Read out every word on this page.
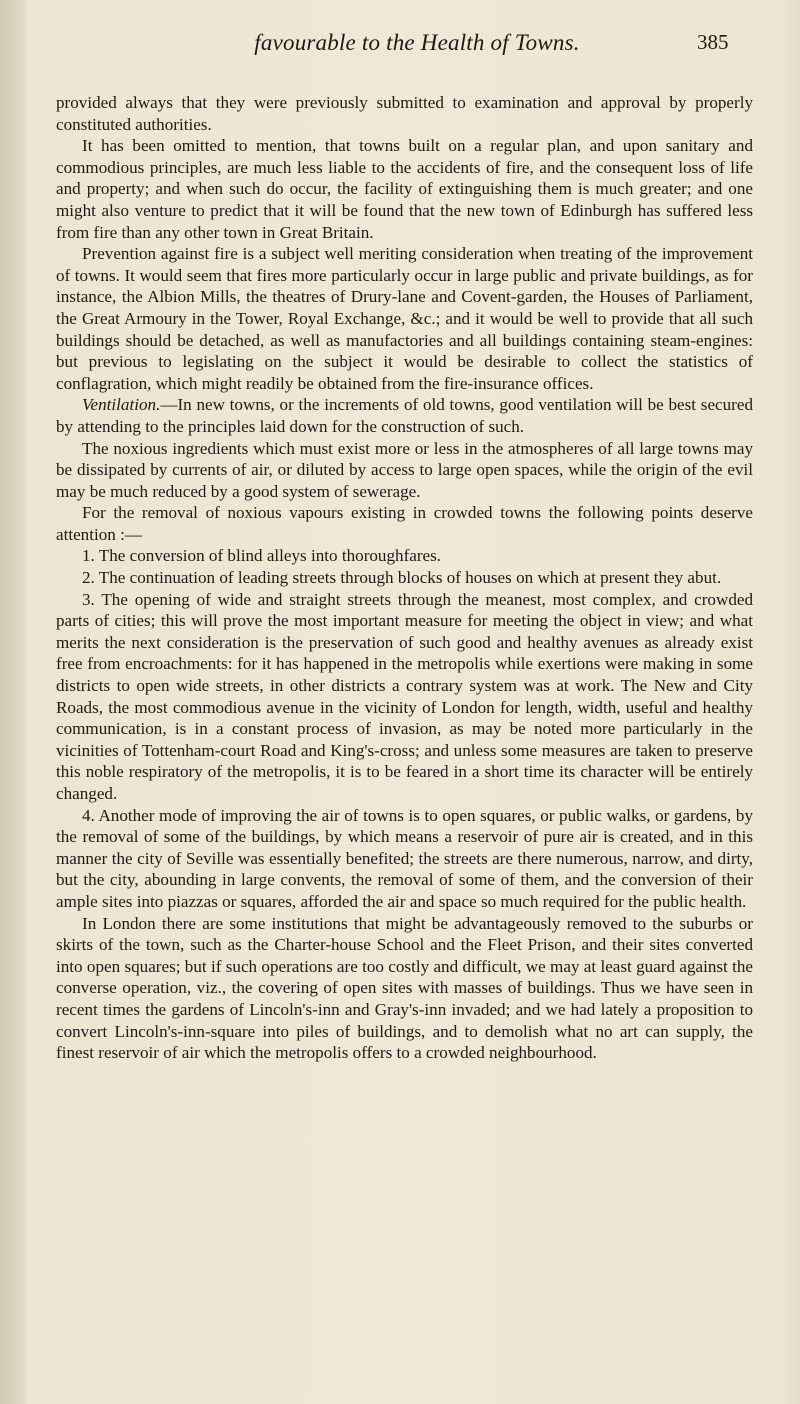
favourable to the Health of Towns.	385

provided always that they were previously submitted to examination and approval by properly constituted authorities.

It has been omitted to mention, that towns built on a regular plan, and upon sanitary and commodious principles, are much less liable to the accidents of fire, and the consequent loss of life and property; and when such do occur, the facility of extinguishing them is much greater; and one might also venture to predict that it will be found that the new town of Edinburgh has suffered less from fire than any other town in Great Britain.

Prevention against fire is a subject well meriting consideration when treating of the improvement of towns. It would seem that fires more particularly occur in large public and private buildings, as for instance, the Albion Mills, the theatres of Drury-lane and Covent-garden, the Houses of Parliament, the Great Armoury in the Tower, Royal Exchange, &c.; and it would be well to provide that all such buildings should be detached, as well as manufactories and all buildings containing steam-engines: but previous to legislating on the subject it would be desirable to collect the statistics of conflagration, which might readily be obtained from the fire-insurance offices.

Ventilation.—In new towns, or the increments of old towns, good ventilation will be best secured by attending to the principles laid down for the construction of such.

The noxious ingredients which must exist more or less in the atmospheres of all large towns may be dissipated by currents of air, or diluted by access to large open spaces, while the origin of the evil may be much reduced by a good system of sewerage.

For the removal of noxious vapours existing in crowded towns the following points deserve attention :—

1. The conversion of blind alleys into thoroughfares.

2. The continuation of leading streets through blocks of houses on which at present they abut.

3. The opening of wide and straight streets through the meanest, most complex, and crowded parts of cities; this will prove the most important measure for meeting the object in view; and what merits the next consideration is the preservation of such good and healthy avenues as already exist free from encroachments: for it has happened in the metropolis while exertions were making in some districts to open wide streets, in other districts a contrary system was at work. The New and City Roads, the most commodious avenue in the vicinity of London for length, width, useful and healthy communication, is in a constant process of invasion, as may be noted more particularly in the vicinities of Tottenham-court Road and King's-cross; and unless some measures are taken to preserve this noble respiratory of the metropolis, it is to be feared in a short time its character will be entirely changed.

4. Another mode of improving the air of towns is to open squares, or public walks, or gardens, by the removal of some of the buildings, by which means a reservoir of pure air is created, and in this manner the city of Seville was essentially benefited; the streets are there numerous, narrow, and dirty, but the city, abounding in large convents, the removal of some of them, and the conversion of their ample sites into piazzas or squares, afforded the air and space so much required for the public health.

In London there are some institutions that might be advantageously removed to the suburbs or skirts of the town, such as the Charter-house School and the Fleet Prison, and their sites converted into open squares; but if such operations are too costly and difficult, we may at least guard against the converse operation, viz., the covering of open sites with masses of buildings. Thus we have seen in recent times the gardens of Lincoln's-inn and Gray's-inn invaded; and we had lately a proposition to convert Lincoln's-inn-square into piles of buildings, and to demolish what no art can supply, the finest reservoir of air which the metropolis offers to a crowded neighbourhood.
